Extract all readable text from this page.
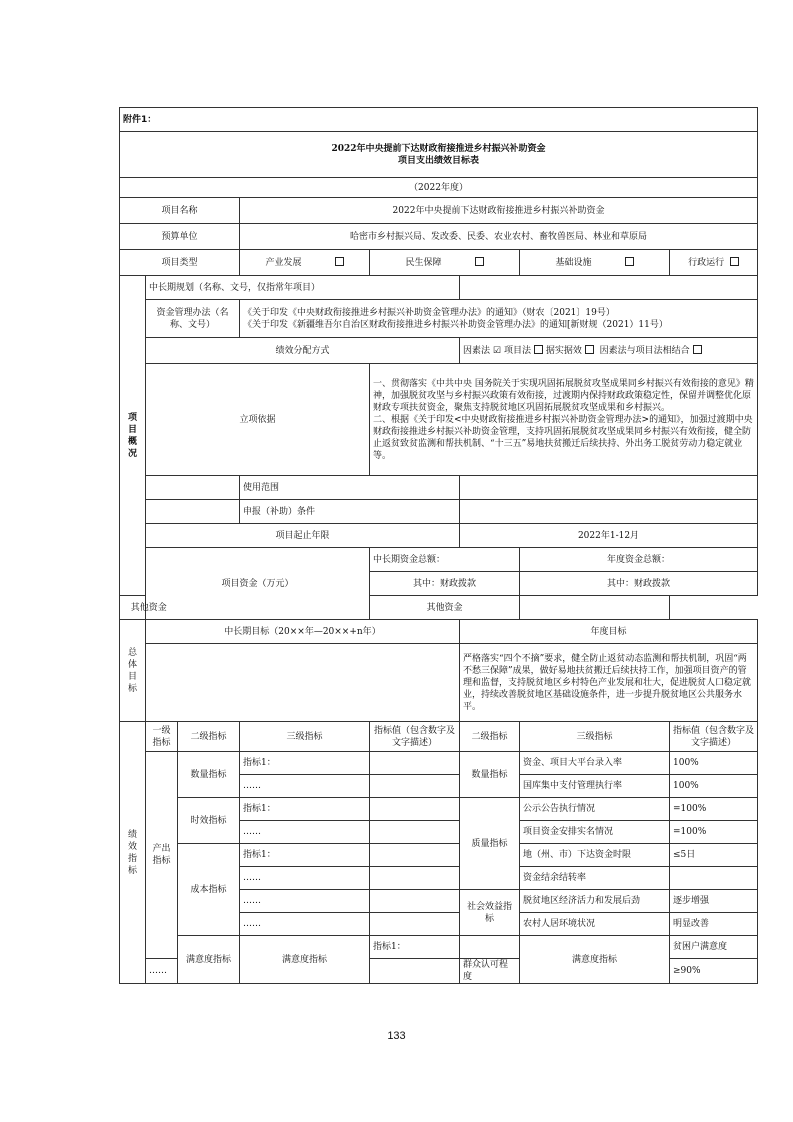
附件1：								

2022年中央提前下达财政衔接推进乡村振兴补助资金
项目支出绩效目标表								

（2022年度）								
项目名称			2022年中央提前下达财政衔接推进乡村振兴补助资金					
预算单位			哈密市乡村振兴局、发改委、民委、农业农村、畜牧兽医局、林业和草原局					
项目类型			产业发展	民生保障		基础设施	行政运行	

项
目
概
况	中长期规划（名称、文号，仅指常年项目）							
	资金管理办法（名称、文号）		《关于印发《中央财政衔接推进乡村振兴补助资金管理办法》的通知》（财农〔2021〕19号）
《关于印发《新疆维吾尔自治区财政衔接推进乡村振兴补助资金管理办法》的通知[新财规（2021）11号）					

	绩效分配方式				因素法 ☑ 项目法 据实据效 因素法与项目法相结合			
	立项依据			一、贯彻落实《中共中央 国务院关于实现巩固拓展脱贫攻坚成果同乡村振兴有效衔接的意见》精神，加强脱贫攻坚与乡村振兴政策有效衔接，过渡期内保持财政政策稳定性，保留并调整优化原财政专项扶贫资金，聚焦支持脱贫地区巩固拓展脱贫攻坚成果和乡村振兴。
二、根据《关于印发<中央财政衔接推进乡村振兴补助资金管理办法>的通知》，加强过渡期中央财政衔接推进乡村振兴补助资金管理，支持巩固拓展脱贫攻坚成果同乡村振兴有效衔接，健全防止返贫致贫监测和帮扶机制、“十三五”易地扶贫搬迁后续扶持、外出务工脱贫劳动力稳定就业等。				

			使用范围					
			申报（补助）条件					
	项目起止年限				2022年1-12月			
	项目资金（万元）			中长期资金总额：		年度资金总额：	
				其中：财政拨款		其中：财政拨款	
其他资金				其他资金				

总
体
目
标	中长期目标（20××年—20××+n年）				年度目标			
					严格落实“四个不摘”要求，健全防止返贫动态监测和帮扶机制，巩固“两不愁三保障”成果，做好易地扶贫搬迁后续扶持工作，加强项目资产的管理和监督，支持脱贫地区乡村特色产业发展和壮大，促进脱贫人口稳定就业，持续改善脱贫地区基础设施条件，进一步提升脱贫地区公共服务水平。			

绩
效
指
标	一级指标	二级指标	三级指标	指标值（包含数字及文字描述）	二级指标	三级指标	指标值（包含数字及文字描述）	
	产出指标	数量指标	指标1：		数量指标	资金、项目大平台录入率	100%	
			……			国库集中支付管理执行率	100%	
		时效指标	指标1：		质量指标	公示公告执行情况	=100%	
			……			项目资金安排实名情况	=100%	
		成本指标	指标1：			地（州、市）下达资金时限	≤5日	
			……			资金结余结转率		
			……		社会效益指标	脱贫地区经济活力和发展后劲	逐步增强	
			……			农村人居环境状况	明显改善	
		满意度指标	满意度指标	指标1：		满意度指标	贫困户满意度	
	……				群众认可程度		≥90%	
133
